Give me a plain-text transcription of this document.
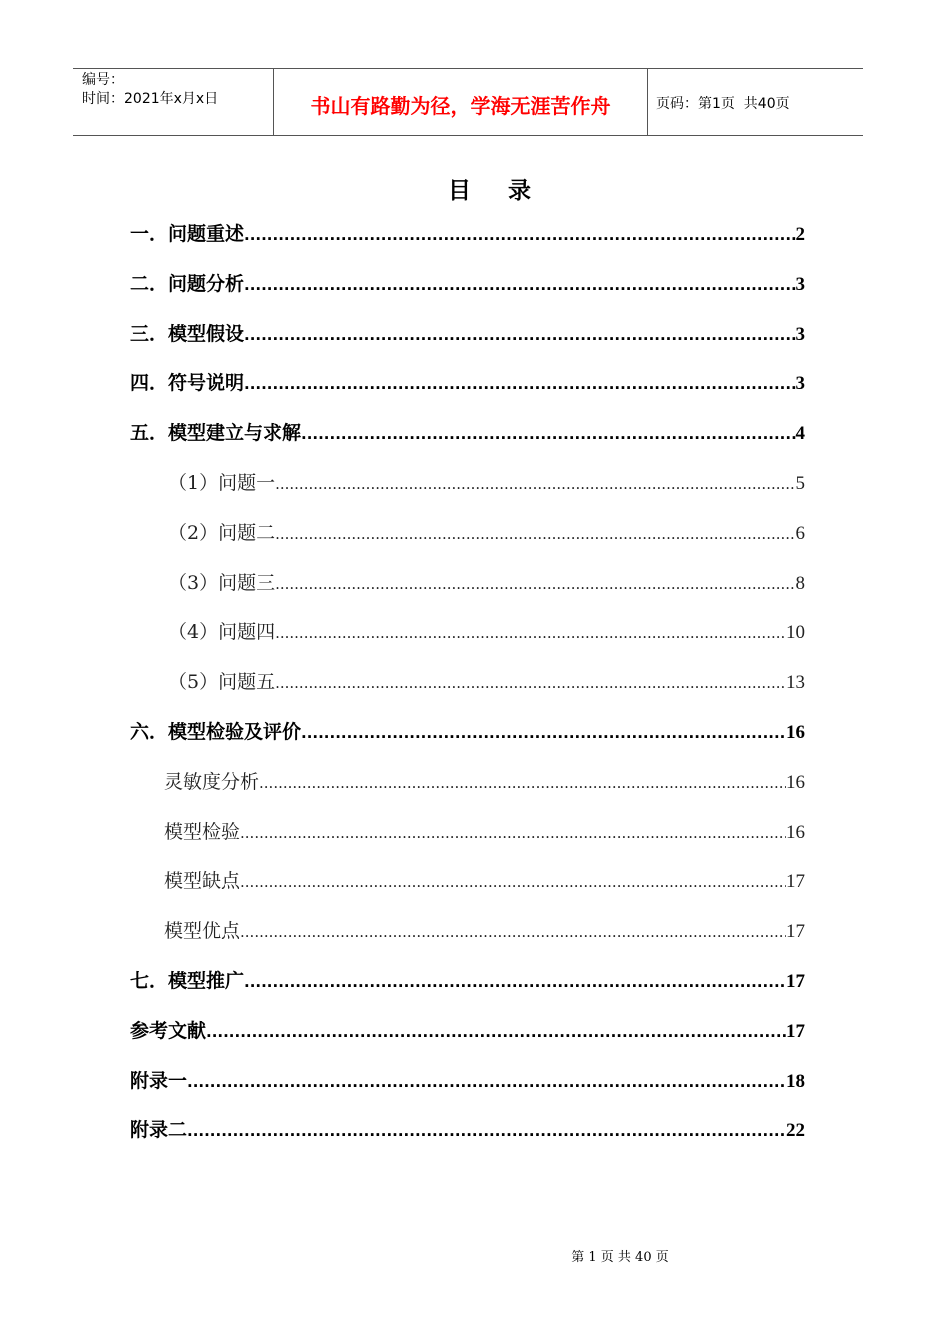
编号：
时间：2021年x月x日	书山有路勤为径，学海无涯苦作舟	页码：第1页  共40页
目    录
一．问题重述 .....	2
二．问题分析 .....	3
三．模型假设 .....	3
四．符号说明 .....	3
五．模型建立与求解 .....	4
（1）问题一 .....	5
（2）问题二 .....	6
（3）问题三 .....	8
（4）问题四 .....	10
（5）问题五 .....	13
六．模型检验及评价 .....	16
灵敏度分析 .....	16
模型检验 .....	16
模型缺点 .....	17
模型优点 .....	17
七．模型推广 .....	17
参考文献 .....	17
附录一 .....	18
附录二 .....	22
第 1 页 共 40 页
